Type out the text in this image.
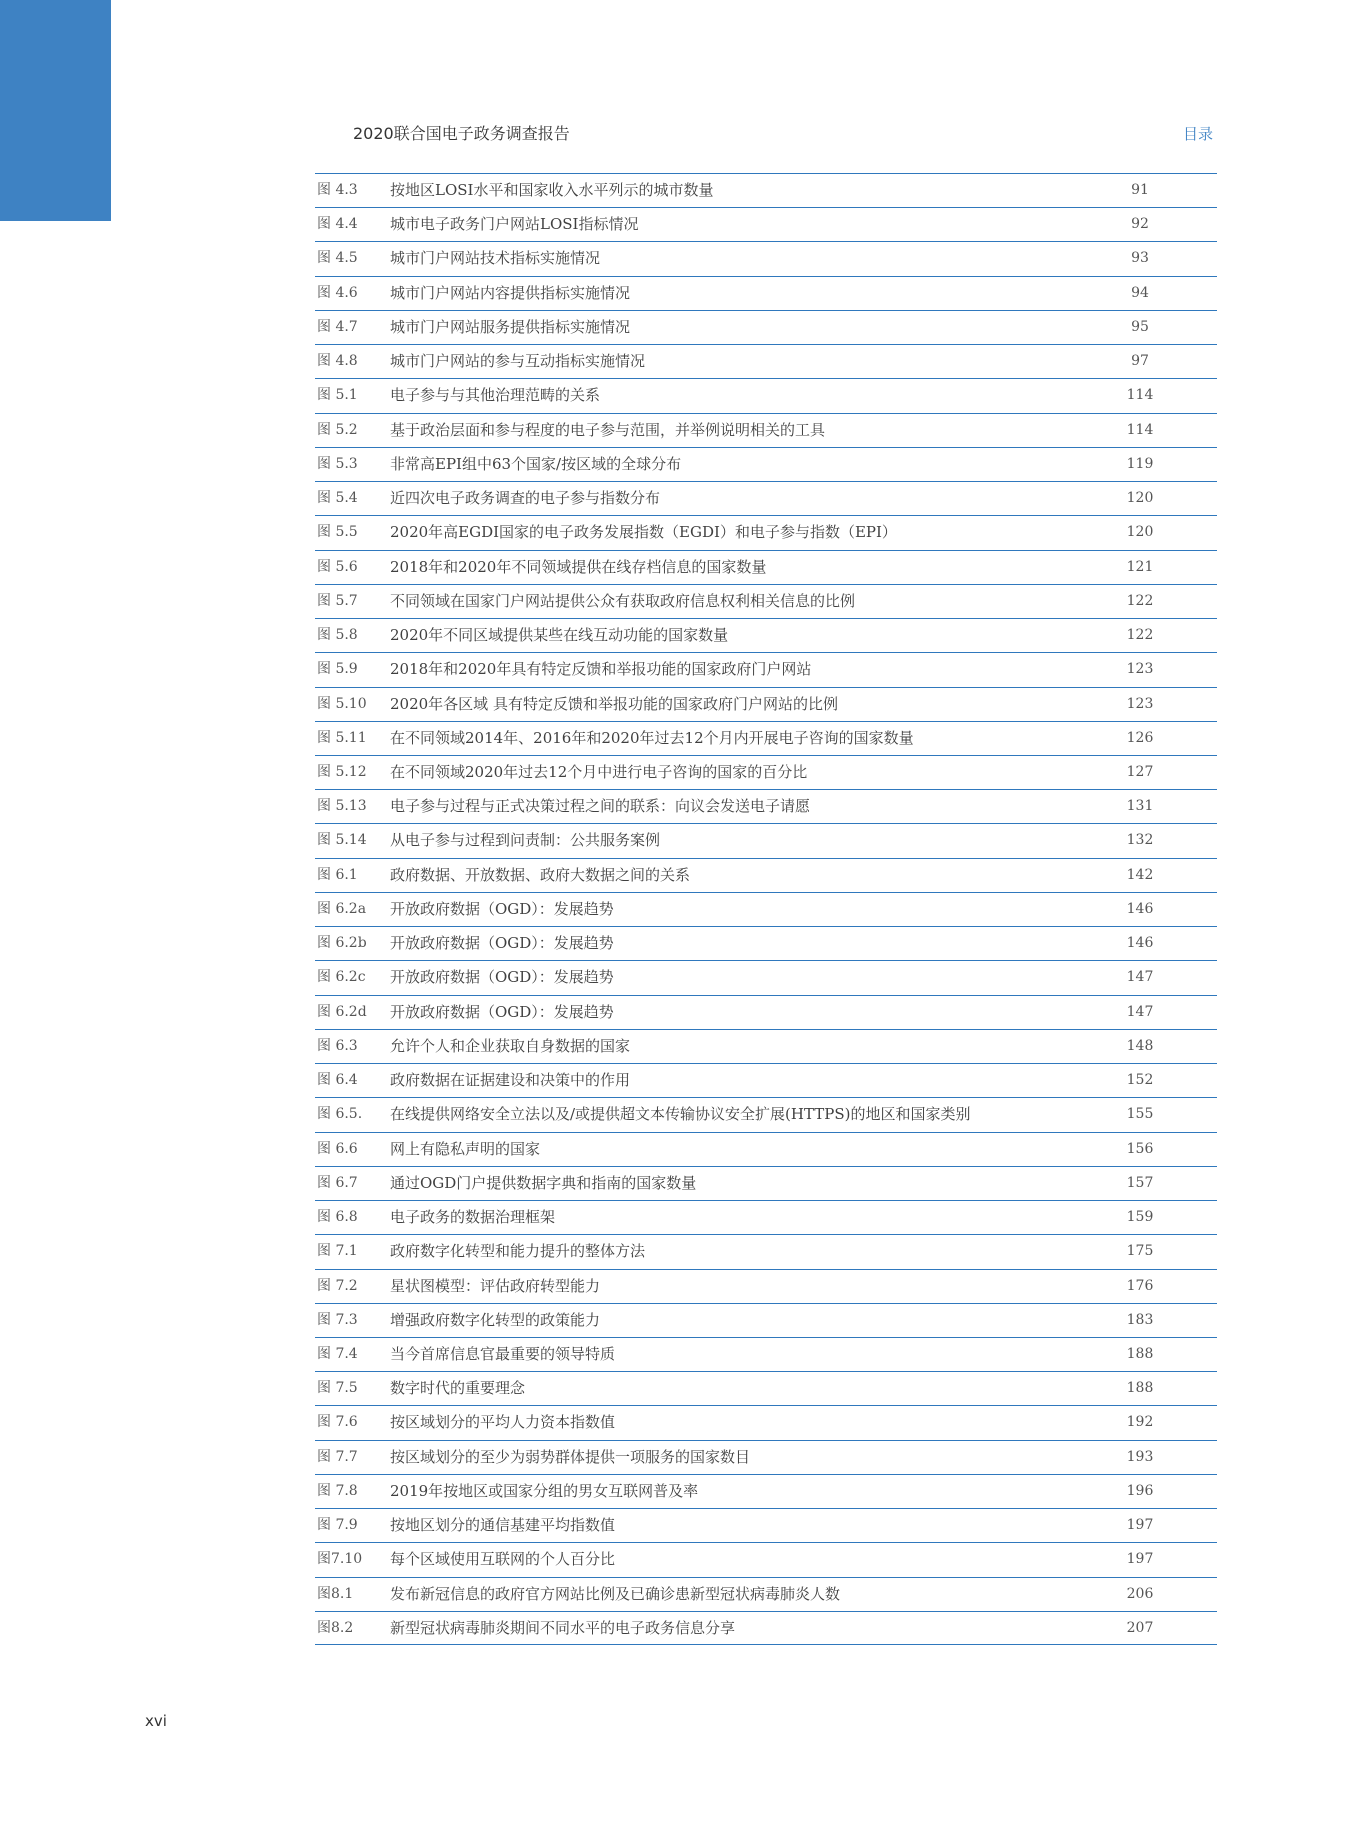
2020联合国电子政务调查报告	目录
图 4.3	按地区LOSI水平和国家收入水平列示的城市数量	91
图 4.4	城市电子政务门户网站LOSI指标情况	92
图 4.5	城市门户网站技术指标实施情况	93
图 4.6	城市门户网站内容提供指标实施情况	94
图 4.7	城市门户网站服务提供指标实施情况	95
图 4.8	城市门户网站的参与互动指标实施情况	97
图 5.1	电子参与与其他治理范畴的关系	114
图 5.2	基于政治层面和参与程度的电子参与范围，并举例说明相关的工具	114
图 5.3	非常高EPI组中63个国家/按区域的全球分布	119
图 5.4	近四次电子政务调查的电子参与指数分布	120
图 5.5	2020年高EGDI国家的电子政务发展指数（EGDI）和电子参与指数（EPI）	120
图 5.6	2018年和2020年不同领域提供在线存档信息的国家数量	121
图 5.7	不同领域在国家门户网站提供公众有获取政府信息权利相关信息的比例	122
图 5.8	2020年不同区域提供某些在线互动功能的国家数量	122
图 5.9	2018年和2020年具有特定反馈和举报功能的国家政府门户网站	123
图 5.10	2020年各区域 具有特定反馈和举报功能的国家政府门户网站的比例	123
图 5.11	在不同领域2014年、2016年和2020年过去12个月内开展电子咨询的国家数量	126
图 5.12	在不同领域2020年过去12个月中进行电子咨询的国家的百分比	127
图 5.13	电子参与过程与正式决策过程之间的联系：向议会发送电子请愿	131
图 5.14	从电子参与过程到问责制：公共服务案例	132
图 6.1	政府数据、开放数据、政府大数据之间的关系	142
图 6.2a	开放政府数据（OGD）：发展趋势	146
图 6.2b	开放政府数据（OGD）：发展趋势	146
图 6.2c	开放政府数据（OGD）：发展趋势	147
图 6.2d	开放政府数据（OGD）：发展趋势	147
图 6.3	允许个人和企业获取自身数据的国家	148
图 6.4	政府数据在证据建设和决策中的作用	152
图 6.5.	在线提供网络安全立法以及/或提供超文本传输协议安全扩展(HTTPS)的地区和国家类别	155
图 6.6	网上有隐私声明的国家	156
图 6.7	通过OGD门户提供数据字典和指南的国家数量	157
图 6.8	电子政务的数据治理框架	159
图 7.1	政府数字化转型和能力提升的整体方法	175
图 7.2	星状图模型：评估政府转型能力	176
图 7.3	增强政府数字化转型的政策能力	183
图 7.4	当今首席信息官最重要的领导特质	188
图 7.5	数字时代的重要理念	188
图 7.6	按区域划分的平均人力资本指数值	192
图 7.7	按区域划分的至少为弱势群体提供一项服务的国家数目	193
图 7.8	2019年按地区或国家分组的男女互联网普及率	196
图 7.9	按地区划分的通信基建平均指数值	197
图7.10	每个区域使用互联网的个人百分比	197
图8.1	发布新冠信息的政府官方网站比例及已确诊患新型冠状病毒肺炎人数	206
图8.2	新型冠状病毒肺炎期间不同水平的电子政务信息分享	207
xvi
